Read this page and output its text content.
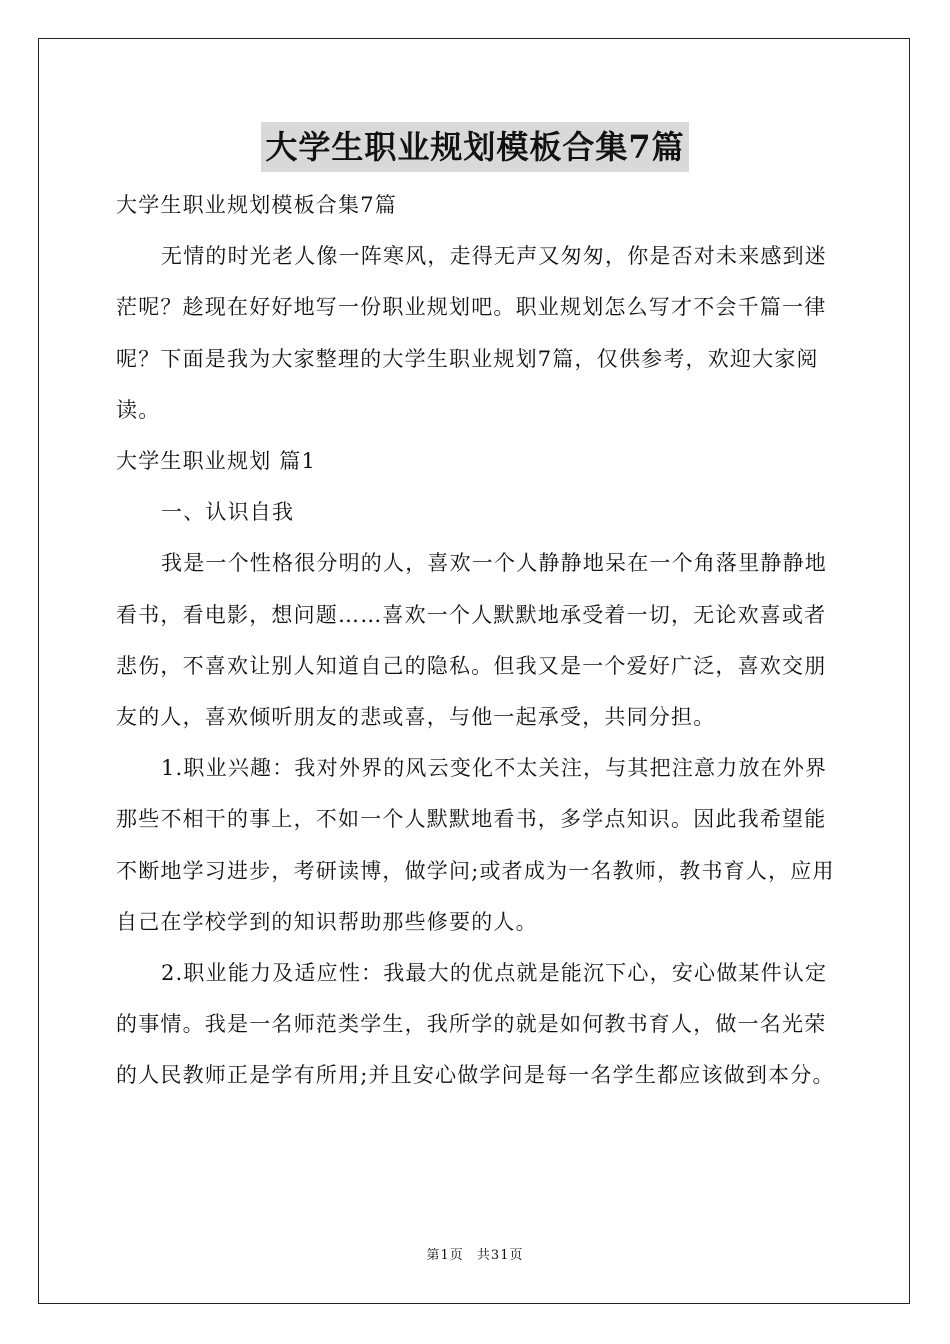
大学生职业规划模板合集7篇

大学生职业规划模板合集7篇

无情的时光老人像一阵寒风，走得无声又匆匆，你是否对未来感到迷茫呢？趁现在好好地写一份职业规划吧。职业规划怎么写才不会千篇一律呢？下面是我为大家整理的大学生职业规划7篇，仅供参考，欢迎大家阅读。

大学生职业规划 篇1

一、认识自我

我是一个性格很分明的人，喜欢一个人静静地呆在一个角落里静静地看书，看电影，想问题……喜欢一个人默默地承受着一切，无论欢喜或者悲伤，不喜欢让别人知道自己的隐私。但我又是一个爱好广泛，喜欢交朋友的人，喜欢倾听朋友的悲或喜，与他一起承受，共同分担。

1.职业兴趣：我对外界的风云变化不太关注，与其把注意力放在外界那些不相干的事上，不如一个人默默地看书，多学点知识。因此我希望能不断地学习进步，考研读博，做学问;或者成为一名教师，教书育人，应用自己在学校学到的知识帮助那些修要的人。

2.职业能力及适应性：我最大的优点就是能沉下心，安心做某件认定的事情。我是一名师范类学生，我所学的就是如何教书育人，做一名光荣的人民教师正是学有所用;并且安心做学问是每一名学生都应该做到本分。

第1页 共31页
